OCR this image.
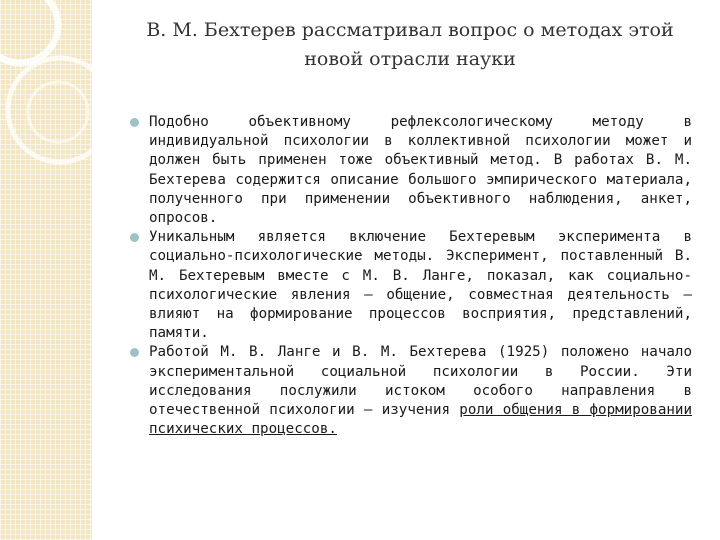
В. М. Бехтерев рассматривал вопрос о методах этой
новой отрасли науки
Подобно объективному рефлексологическому методу в индивидуальной психологии в коллективной психологии может и должен быть применен тоже объективный метод. В работах В. М. Бехтерева содержится описание большого эмпирического материала, полученного при применении объективного наблюдения, анкет, опросов.
Уникальным является включение Бехтеревым эксперимента в социально-психологические методы. Эксперимент, поставленный В. М. Бехтеревым вместе с М. В. Ланге, показал, как социально-психологические явления — общение, совместная деятельность — влияют на формирование процессов восприятия, представлений, памяти.
Работой М. В. Ланге и В. М. Бехтерева (1925) положено начало экспериментальной социальной психологии в России. Эти исследования послужили истоком особого направления в отечественной психологии — изучения роли общения в формировании психических процессов.
